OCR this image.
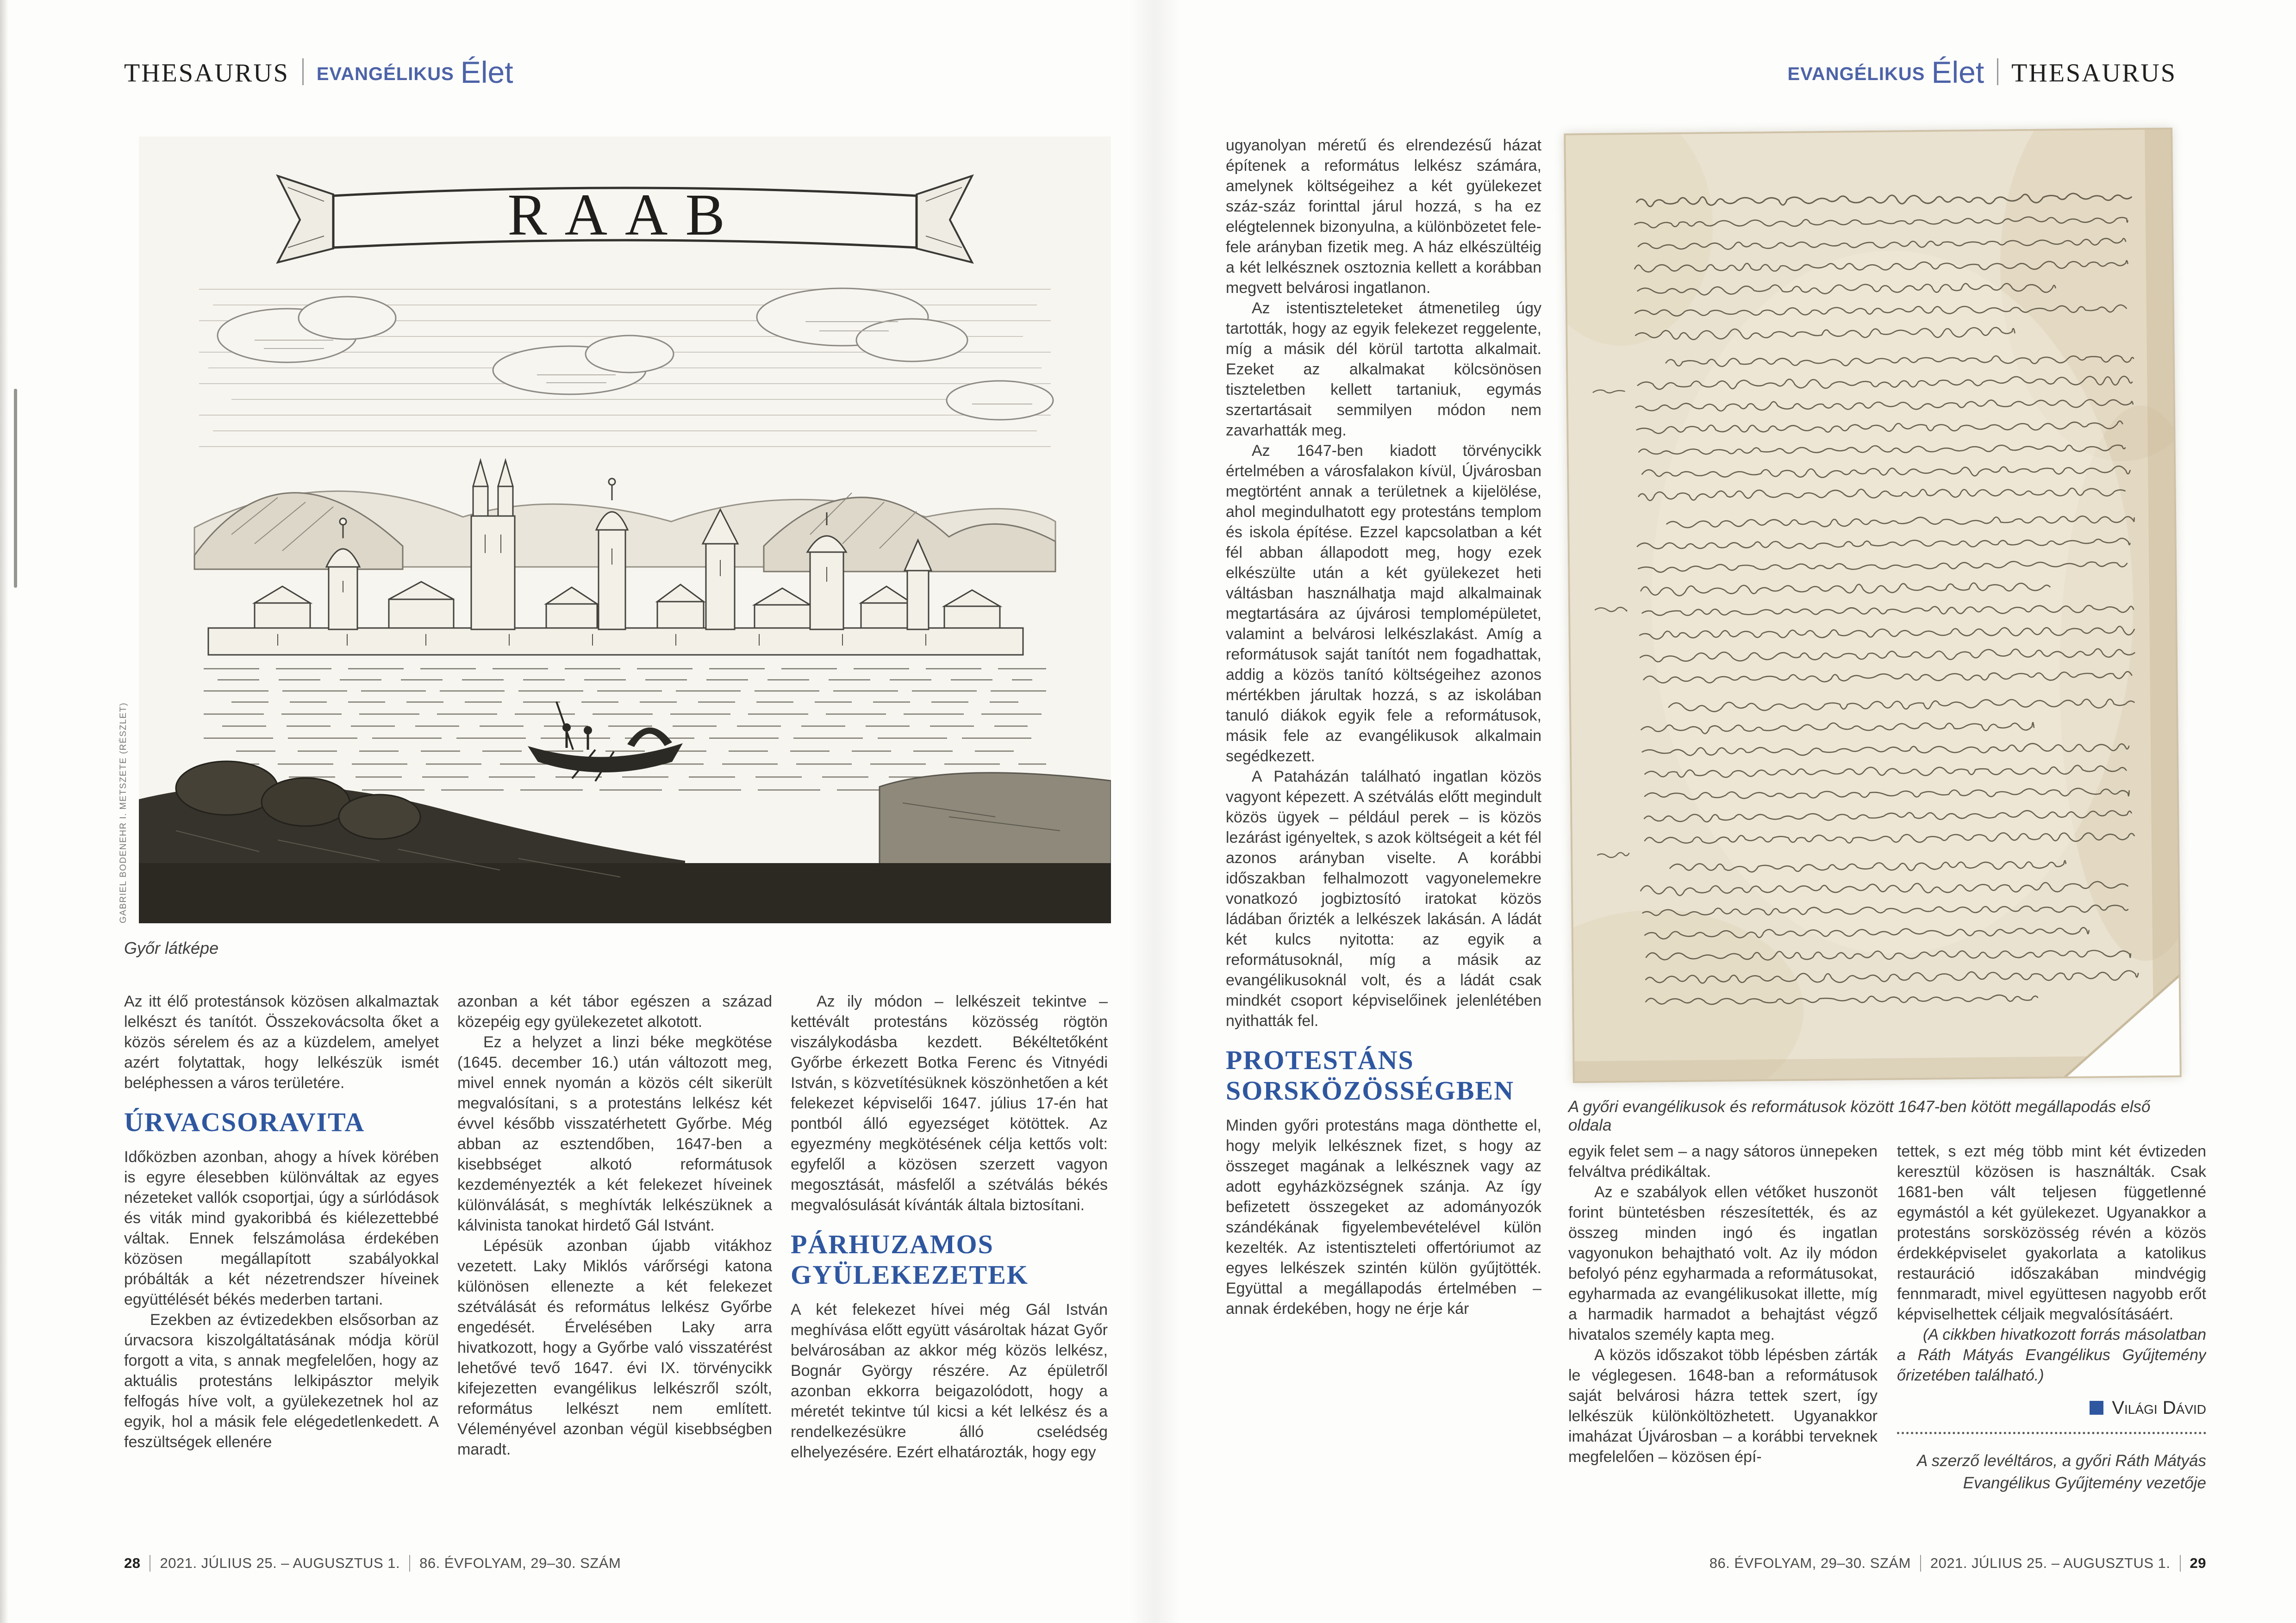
THESAURUS EVANGÉLIKUS Élet
RAAB
GABRIEL BODENEHR I. METSZETE (RÉSZLET)
Győr látképe

Az itt élő protestánsok közösen alkalmaztak lelkészt és tanítót. Összekovácsolta őket a közös sérelem és az a küzdelem, amelyet azért folytattak, hogy lelkészük ismét beléphessen a város területére.

ÚRVACSORAVITA

Időközben azonban, ahogy a hívek körében is egyre élesebben különváltak az egyes nézeteket vallók csoportjai, úgy a súrlódások és viták mind gyakoribbá és kiélezettebbé váltak. Ennek felszámolása érdekében közösen megállapított szabályokkal próbálták a két nézetrendszer híveinek együttélését békés mederben tartani.

Ezekben az évtizedekben elsősorban az úrvacsora kiszolgáltatásának módja körül forgott a vita, s annak megfelelően, hogy az aktuális protestáns lelkipásztor melyik felfogás híve volt, a gyülekezetnek hol az egyik, hol a másik fele elégedetlenkedett. A feszültségek ellenére

azonban a két tábor egészen a század közepéig egy gyülekezetet alkotott.

Ez a helyzet a linzi béke megkötése (1645. december 16.) után változott meg, mivel ennek nyomán a közös célt sikerült megvalósítani, s a protestáns lelkész két évvel később visszatérhetett Győrbe. Még abban az esztendőben, 1647-ben a kisebbséget alkotó reformátusok kezdeményezték a két felekezet híveinek különválását, s meghívták lelkészüknek a kálvinista tanokat hirdető Gál Istvánt.

Lépésük azonban újabb vitákhoz vezetett. Laky Miklós várőrségi katona különösen ellenezte a két felekezet szétválását és református lelkész Győrbe engedését. Érvelésében Laky arra hivatkozott, hogy a Győrbe való visszatérést lehetővé tevő 1647. évi IX. törvénycikk kifejezetten evangélikus lelkészről szólt, református lelkészt nem említett. Véleményével azonban végül kisebbségben maradt.

Az ily módon – lelkészeit tekintve – kettévált protestáns közösség rögtön viszálykodásba kezdett. Békéltetőként Győrbe érkezett Botka Ferenc és Vitnyédi István, s közvetítésüknek köszönhetően a két felekezet képviselői 1647. július 17-én hat pontból álló egyezséget kötöttek. Az egyezmény megkötésének célja kettős volt: egyfelől a közösen szerzett vagyon megosztását, másfelől a szétválás békés megvalósulását kívánták általa biztosítani.

PÁRHUZAMOS GYÜLEKEZETEK

A két felekezet hívei még Gál István meghívása előtt együtt vásároltak házat Győr belvárosában az akkor még közös lelkész, Bognár György részére. Az épületről azonban ekkorra beigazolódott, hogy a méretét tekintve túl kicsi a két lelkész és a rendelkezésükre álló cselédség elhelyezésére. Ezért elhatározták, hogy egy

28 2021. JÚLIUS 25. – AUGUSZTUS 1. 86. ÉVFOLYAM, 29–30. SZÁM
EVANGÉLIKUS Élet THESAURUS

ugyanolyan méretű és elrendezésű házat építenek a református lelkész számára, amelynek költségeihez a két gyülekezet száz-száz forinttal járul hozzá, s ha ez elégtelennek bizonyulna, a különbözetet fele-fele arányban fizetik meg. A ház elkészültéig a két lelkésznek osztoznia kellett a korábban megvett belvárosi ingatlanon.

Az istentiszteleteket átmenetileg úgy tartották, hogy az egyik felekezet reggelente, míg a másik dél körül tartotta alkalmait. Ezeket az alkalmakat kölcsönösen tiszteletben kellett tartaniuk, egymás szertartásait semmilyen módon nem zavarhatták meg.

Az 1647-ben kiadott törvénycikk értelmében a városfalakon kívül, Újvárosban megtörtént annak a területnek a kijelölése, ahol megindulhatott egy protestáns templom és iskola építése. Ezzel kapcsolatban a két fél abban állapodott meg, hogy ezek elkészülte után a két gyülekezet heti váltásban használhatja majd alkalmainak megtartására az újvárosi templomépületet, valamint a belvárosi lelkészlakást. Amíg a reformátusok saját tanítót nem fogadhattak, addig a közös tanító költségeihez azonos mértékben járultak hozzá, s az iskolában tanuló diákok egyik fele a reformátusok, másik fele az evangélikusok alkalmain segédkezett.

A Pataházán található ingatlan közös vagyont képezett. A szétválás előtt megindult közös ügyek – például perek – is közös lezárást igényeltek, s azok költségeit a két fél azonos arányban viselte. A korábbi időszakban felhalmozott vagyonelemekre vonatkozó jogbiztosító iratokat közös ládában őrizték a lelkészek lakásán. A ládát két kulcs nyitotta: az egyik a reformátusoknál, míg a másik az evangélikusoknál volt, és a ládát csak mindkét csoport képviselőinek jelenlétében nyithatták fel.

PROTESTÁNS SORSKÖZÖSSÉGBEN

Minden győri protestáns maga dönthette el, hogy melyik lelkésznek fizet, s hogy az összeget magának a lelkésznek vagy az adott egyházközségnek szánja. Az így befizetett összegeket az adományozók szándékának figyelembevételével külön kezelték. Az istentiszteleti offertóriumot az egyes lelkészek szintén külön gyűjtötték. Együttal a megállapodás értelmében – annak érdekében, hogy ne érje kár

A győri evangélikusok és reformátusok között 1647-ben kötött megállapodás első oldala

egyik felet sem – a nagy sátoros ünnepeken felváltva prédikáltak.

Az e szabályok ellen vétőket huszonöt forint büntetésben részesítették, és az összeg minden ingó és ingatlan vagyonukon behajtható volt. Az ily módon befolyó pénz egyharmada a reformátusokat, egyharmada az evangélikusokat illette, míg a harmadik harmadot a behajtást végző hivatalos személy kapta meg.

A közös időszakot több lépésben zárták le véglegesen. 1648-ban a reformátusok saját belvárosi házra tettek szert, így lelkészük különköltözhetett. Ugyanakkor imaházat Újvárosban – a korábbi terveknek megfelelően – közösen épí-

tettek, s ezt még több mint két évtizeden keresztül közösen is használták. Csak 1681-ben vált teljesen függetlenné egymástól a két gyülekezet. Ugyanakkor a protestáns sorsközösség révén a közös érdekképviselet gyakorlata a katolikus restauráció időszakában mindvégig fennmaradt, mivel együttesen nagyobb erőt képviselhettek céljaik megvalósításáért.

(A cikkben hivatkozott forrás másolatban a Ráth Mátyás Evangélikus Gyűjtemény őrizetében található.)

Világi Dávid
A szerző levéltáros, a győri Ráth Mátyás Evangélikus Gyűjtemény vezetője
86. ÉVFOLYAM, 29–30. SZÁM 2021. JÚLIUS 25. – AUGUSZTUS 1. 29
